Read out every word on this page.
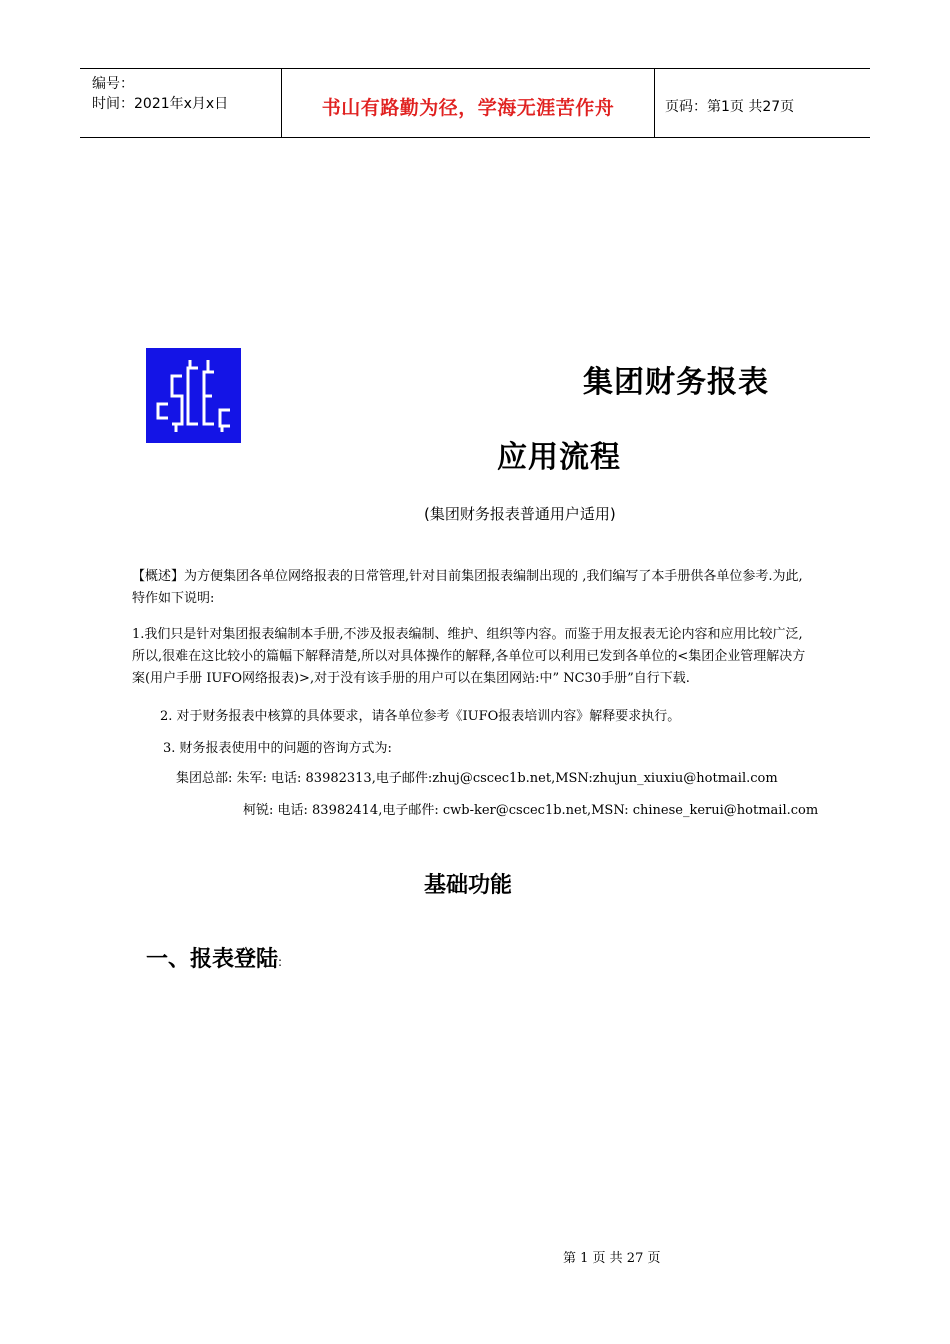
编号：
时间：2021年x月x日	书山有路勤为径，学海无涯苦作舟	页码：第1页 共27页
cSCEc
集团财务报表
应用流程
(集团财务报表普通用户适用)
【概述】为方便集团各单位网络报表的日常管理,针对目前集团报表编制出现的 ,我们编写了本手册供各单位参考.为此,特作如下说明:
1.我们只是针对集团报表编制本手册,不涉及报表编制、维护、组织等内容。而鉴于用友报表无论内容和应用比较广泛,所以,很难在这比较小的篇幅下解释清楚,所以对具体操作的解释,各单位可以利用已发到各单位的<集团企业管理解决方案(用户手册 IUFO网络报表)>,对于没有该手册的用户可以在集团网站:中” NC30手册”自行下载.
2. 对于财务报表中核算的具体要求，请各单位参考《IUFO报表培训内容》解释要求执行。
3. 财务报表使用中的问题的咨询方式为:
集团总部: 朱军: 电话: 83982313,电子邮件:zhuj@cscec1b.net,MSN:zhujun_xiuxiu@hotmail.com
柯锐: 电话: 83982414,电子邮件: cwb-ker@cscec1b.net,MSN: chinese_kerui@hotmail.com
基础功能
一、报表登陆:
第 1 页 共 27 页
